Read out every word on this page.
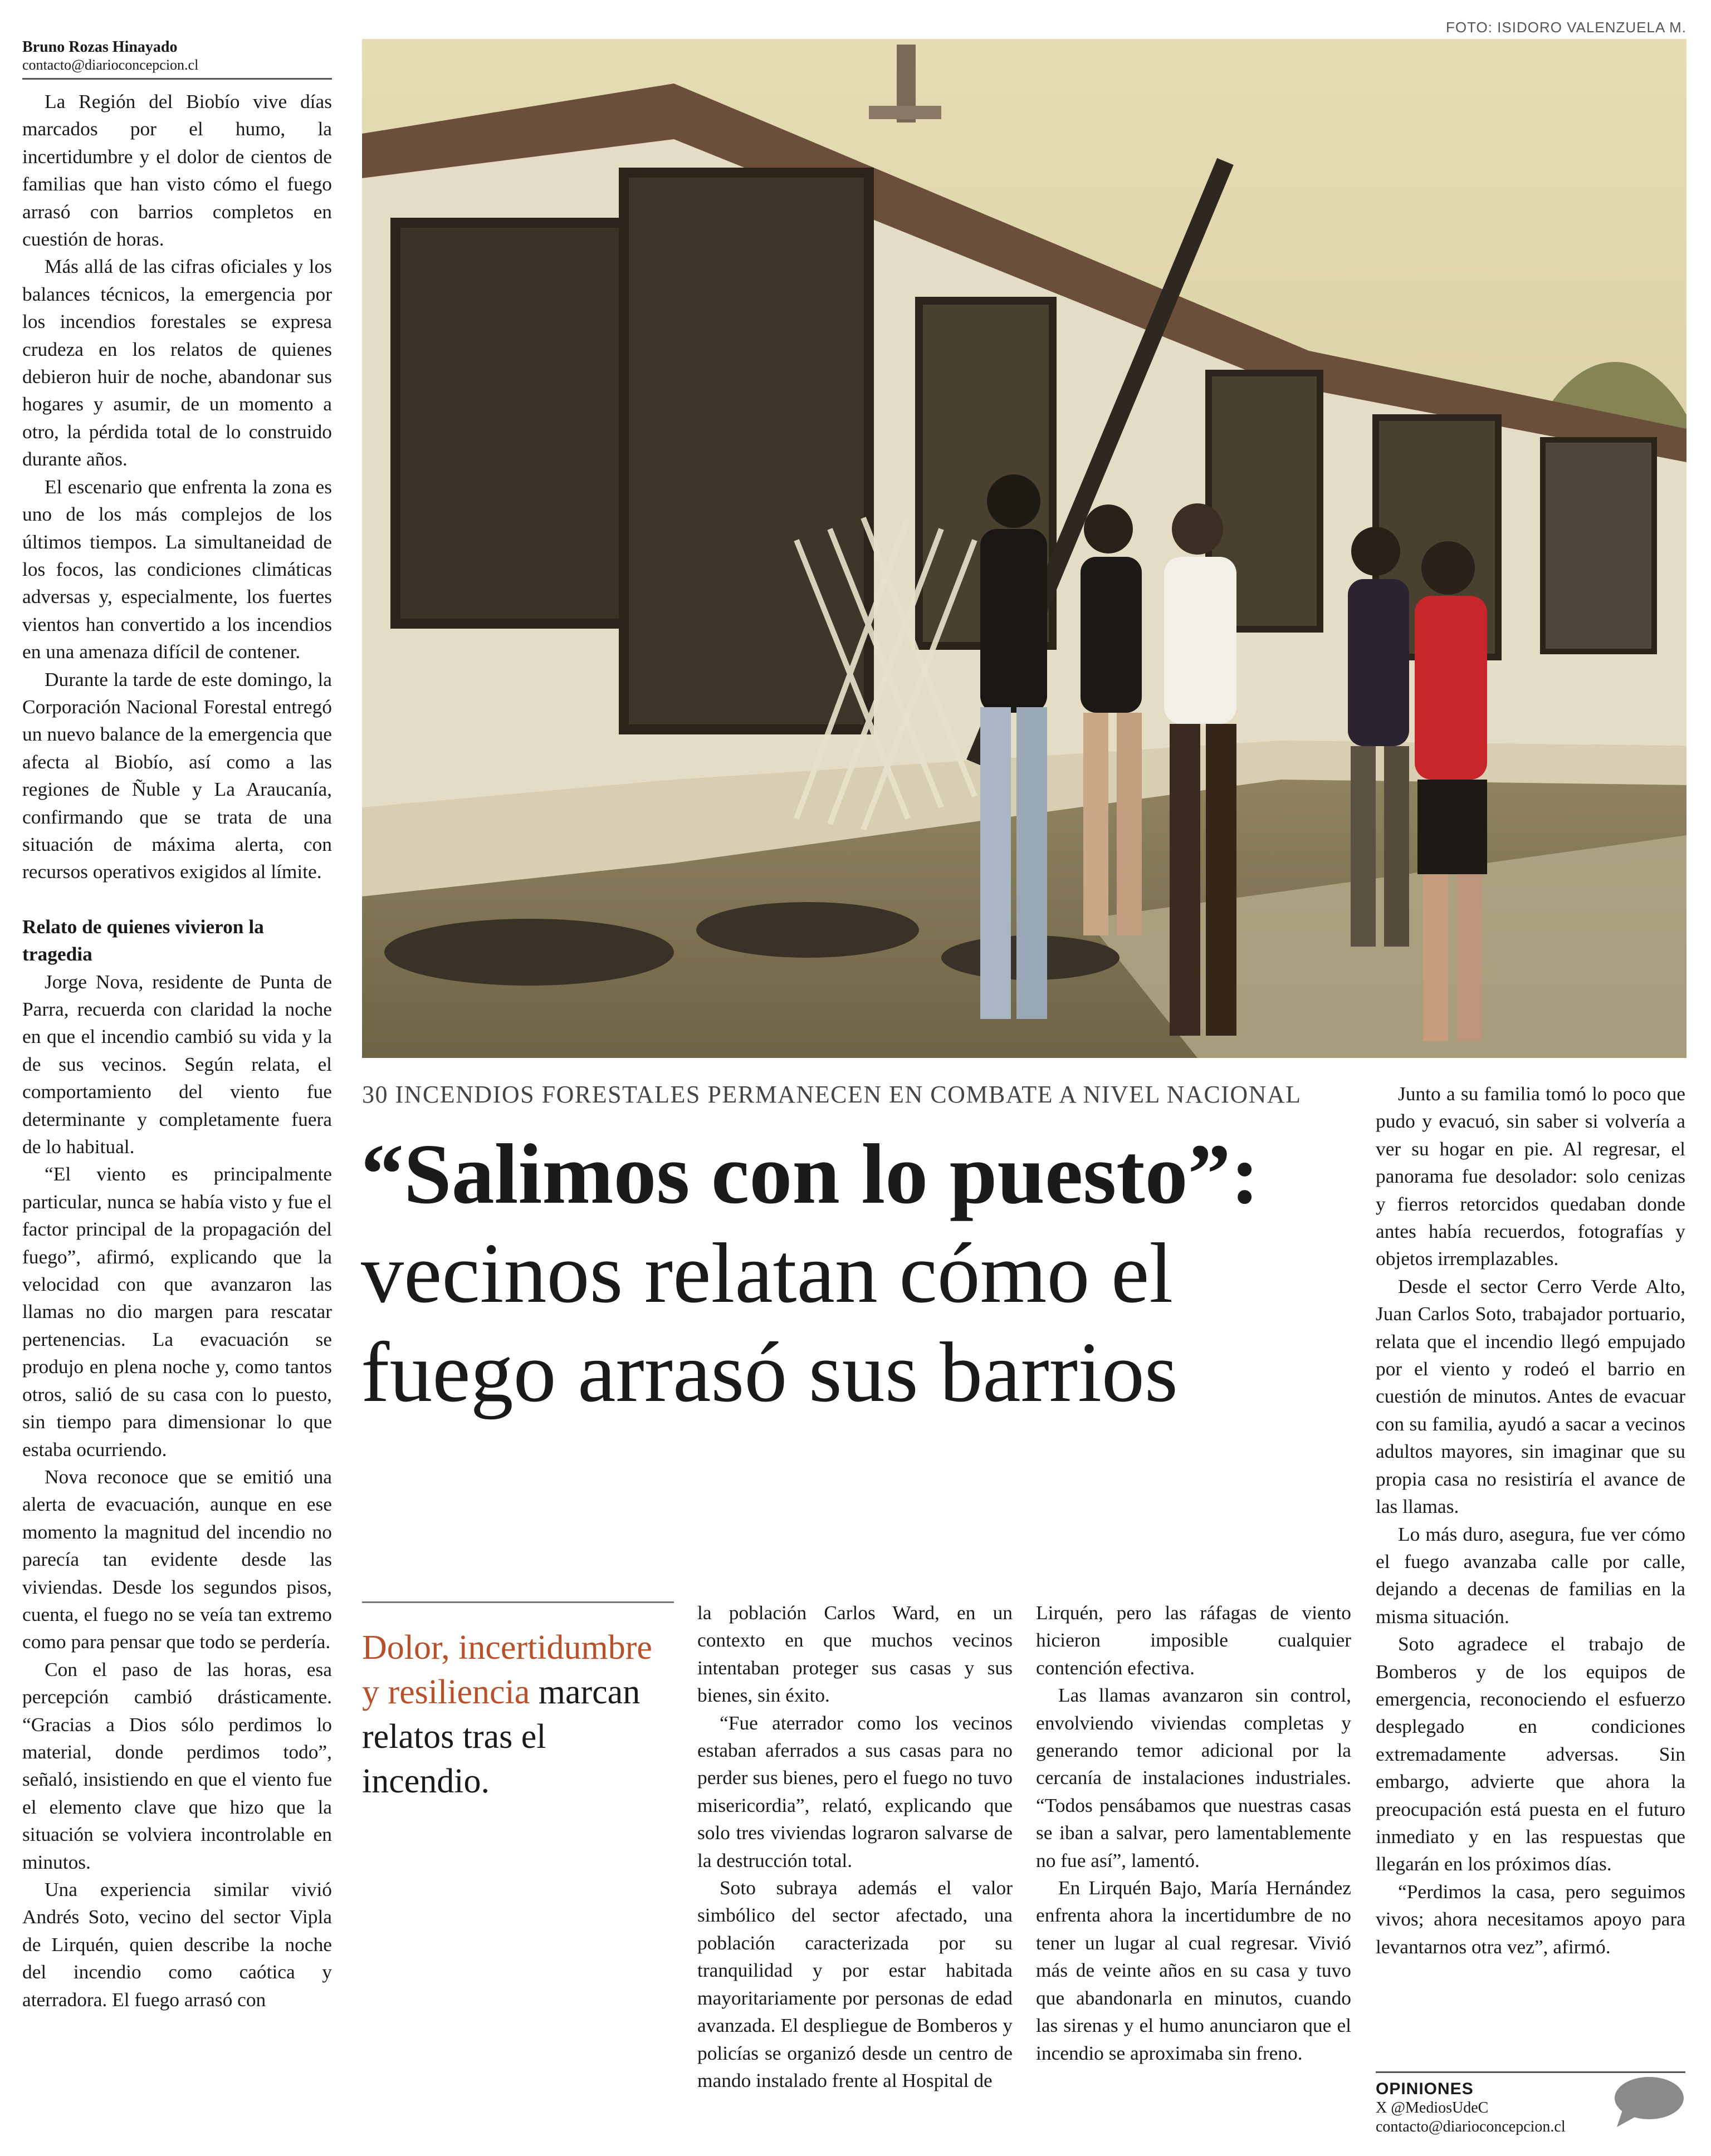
Bruno Rozas Hinayado
contacto@diarioconcepcion.cl

La Región del Biobío vive días marcados por el humo, la incertidumbre y el dolor de cientos de familias que han visto cómo el fuego arrasó con barrios completos en cuestión de horas.

Más allá de las cifras oficiales y los balances técnicos, la emergencia por los incendios forestales se expresa crudeza en los relatos de quienes debieron huir de noche, abandonar sus hogares y asumir, de un momento a otro, la pérdida total de lo construido durante años.

El escenario que enfrenta la zona es uno de los más complejos de los últimos tiempos. La simultaneidad de los focos, las condiciones climáticas adversas y, especialmente, los fuertes vientos han convertido a los incendios en una amenaza difícil de contener.

Durante la tarde de este domingo, la Corporación Nacional Forestal entregó un nuevo balance de la emergencia que afecta al Biobío, así como a las regiones de Ñuble y La Araucanía, confirmando que se trata de una situación de máxima alerta, con recursos operativos exigidos al límite.

Relato de quienes vivieron la tragedia

Jorge Nova, residente de Punta de Parra, recuerda con claridad la noche en que el incendio cambió su vida y la de sus vecinos. Según relata, el comportamiento del viento fue determinante y completamente fuera de lo habitual.

“El viento es principalmente particular, nunca se había visto y fue el factor principal de la propagación del fuego”, afirmó, explicando que la velocidad con que avanzaron las llamas no dio margen para rescatar pertenencias. La evacuación se produjo en plena noche y, como tantos otros, salió de su casa con lo puesto, sin tiempo para dimensionar lo que estaba ocurriendo.

Nova reconoce que se emitió una alerta de evacuación, aunque en ese momento la magnitud del incendio no parecía tan evidente desde las viviendas. Desde los segundos pisos, cuenta, el fuego no se veía tan extremo como para pensar que todo se perdería.

Con el paso de las horas, esa percepción cambió drásticamente. “Gracias a Dios sólo perdimos lo material, donde perdimos todo”, señaló, insistiendo en que el viento fue el elemento clave que hizo que la situación se volviera incontrolable en minutos.

Una experiencia similar vivió Andrés Soto, vecino del sector Vipla de Lirquén, quien describe la noche del incendio como caótica y aterradora. El fuego arrasó con

FOTO: ISIDORO VALENZUELA M.
30 INCENDIOS FORESTALES PERMANECEN EN COMBATE A NIVEL NACIONAL
“Salimos con lo puesto”: vecinos relatan cómo el fuego arrasó sus barrios
Dolor, incertidumbre y resiliencia marcan relatos tras el incendio.

la población Carlos Ward, en un contexto en que muchos vecinos intentaban proteger sus casas y sus bienes, sin éxito.

“Fue aterrador como los vecinos estaban aferrados a sus casas para no perder sus bienes, pero el fuego no tuvo misericordia”, relató, explicando que solo tres viviendas lograron salvarse de la destrucción total.

Soto subraya además el valor simbólico del sector afectado, una población caracterizada por su tranquilidad y por estar habitada mayoritariamente por personas de edad avanzada. El despliegue de Bomberos y policías se organizó desde un centro de mando instalado frente al Hospital de

Lirquén, pero las ráfagas de viento hicieron imposible cualquier contención efectiva.

Las llamas avanzaron sin control, envolviendo viviendas completas y generando temor adicional por la cercanía de instalaciones industriales. “Todos pensábamos que nuestras casas se iban a salvar, pero lamentablemente no fue así”, lamentó.

En Lirquén Bajo, María Hernández enfrenta ahora la incertidumbre de no tener un lugar al cual regresar. Vivió más de veinte años en su casa y tuvo que abandonarla en minutos, cuando las sirenas y el humo anunciaron que el incendio se aproximaba sin freno.

Junto a su familia tomó lo poco que pudo y evacuó, sin saber si volvería a ver su hogar en pie. Al regresar, el panorama fue desolador: solo cenizas y fierros retorcidos quedaban donde antes había recuerdos, fotografías y objetos irremplazables.

Desde el sector Cerro Verde Alto, Juan Carlos Soto, trabajador portuario, relata que el incendio llegó empujado por el viento y rodeó el barrio en cuestión de minutos. Antes de evacuar con su familia, ayudó a sacar a vecinos adultos mayores, sin imaginar que su propia casa no resistiría el avance de las llamas.

Lo más duro, asegura, fue ver cómo el fuego avanzaba calle por calle, dejando a decenas de familias en la misma situación.

Soto agradece el trabajo de Bomberos y de los equipos de emergencia, reconociendo el esfuerzo desplegado en condiciones extremadamente adversas. Sin embargo, advierte que ahora la preocupación está puesta en el futuro inmediato y en las respuestas que llegarán en los próximos días.

“Perdimos la casa, pero seguimos vivos; ahora necesitamos apoyo para levantarnos otra vez”, afirmó.

OPINIONES
X @MediosUdeC
contacto@diarioconcepcion.cl
